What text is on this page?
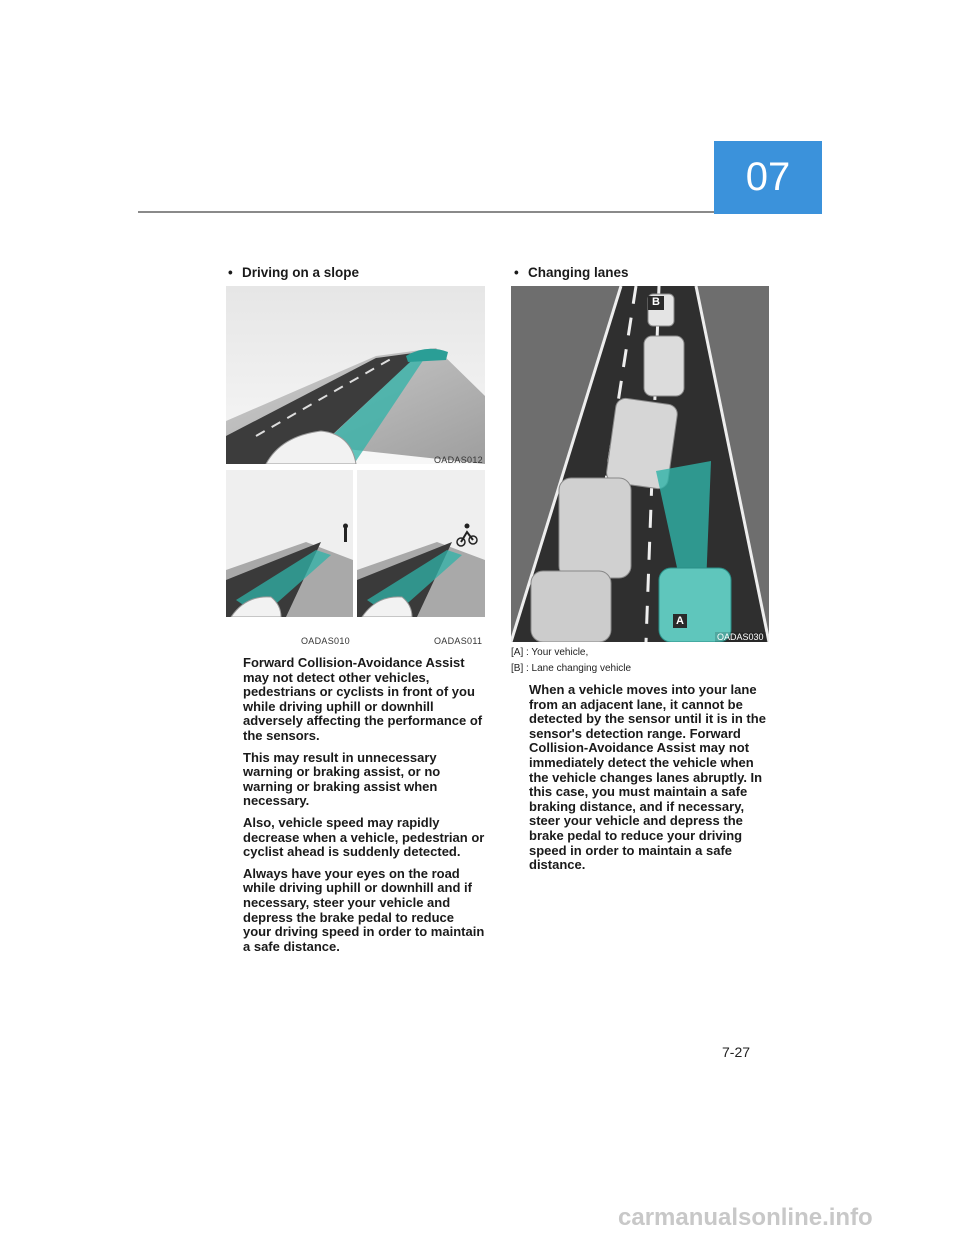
07
• Driving on a slope
OADAS012
OADAS010	OADAS011

Forward Collision-Avoidance Assist may not detect other vehicles, pedestrians or cyclists in front of you while driving uphill or downhill adversely affecting the performance of the sensors.

This may result in unnecessary warning or braking assist, or no warning or braking assist when necessary.

Also, vehicle speed may rapidly decrease when a vehicle, pedestrian or cyclist ahead is suddenly detected.

Always have your eyes on the road while driving uphill or downhill and if necessary, steer your vehicle and depress the brake pedal to reduce your driving speed in order to maintain a safe distance.

• Changing lanes
B
A
OADAS030
[A] : Your vehicle,
[B] : Lane changing vehicle

When a vehicle moves into your lane from an adjacent lane, it cannot be detected by the sensor until it is in the sensor's detection range. Forward Collision-Avoidance Assist may not immediately detect the vehicle when the vehicle changes lanes abruptly. In this case, you must maintain a safe braking distance, and if necessary, steer your vehicle and depress the brake pedal to reduce your driving speed in order to maintain a safe distance.

7-27
carmanualsonline.info
